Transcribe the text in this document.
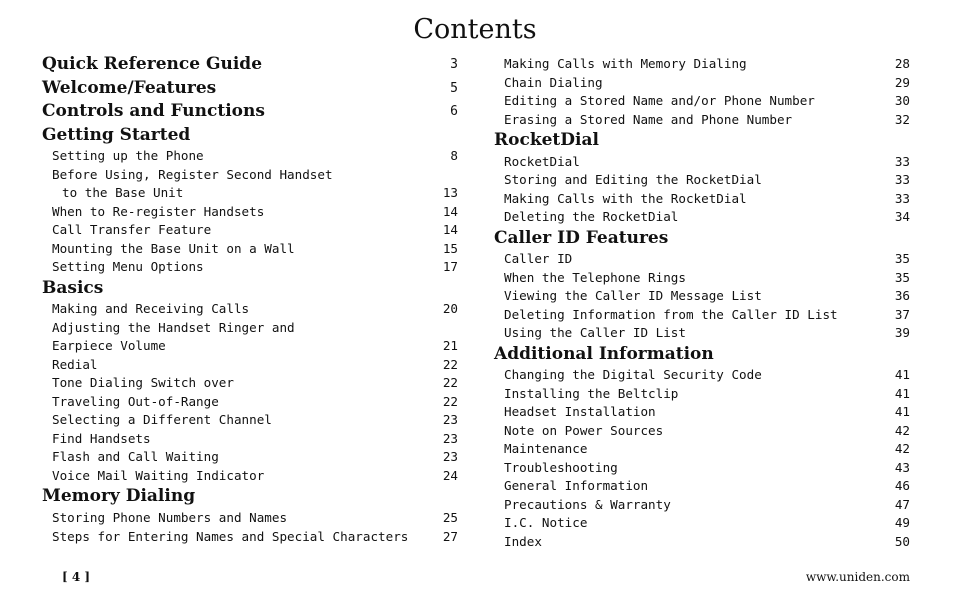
Contents
Quick Reference Guide	3
Welcome/Features	5
Controls and Functions	6
Getting Started
Setting up the Phone	8
Before Using, Register Second Handset
to the Base Unit	13
When to Re-register Handsets	14
Call Transfer Feature	14
Mounting the Base Unit on a Wall	15
Setting Menu Options	17
Basics
Making and Receiving Calls	20
Adjusting the Handset Ringer and
Earpiece Volume	21
Redial	22
Tone Dialing Switch over	22
Traveling Out-of-Range	22
Selecting a Different Channel	23
Find Handsets	23
Flash and Call Waiting	23
Voice Mail Waiting Indicator	24
Memory Dialing
Storing Phone Numbers and Names	25
Steps for Entering Names and Special Characters	27
Making Calls with Memory Dialing	28
Chain Dialing	29
Editing a Stored Name and/or Phone Number	30
Erasing a Stored Name and Phone Number	32
RocketDial
RocketDial	33
Storing and Editing the RocketDial	33
Making Calls with the RocketDial	33
Deleting the RocketDial	34
Caller ID Features
Caller ID	35
When the Telephone Rings	35
Viewing the Caller ID Message List	36
Deleting Information from the Caller ID List	37
Using the Caller ID List	39
Additional Information
Changing the Digital Security Code	41
Installing the Beltclip	41
Headset Installation	41
Note on Power Sources	42
Maintenance	42
Troubleshooting	43
General Information	46
Precautions & Warranty	47
I.C. Notice	49
Index	50
[ 4 ]	www.uniden.com
